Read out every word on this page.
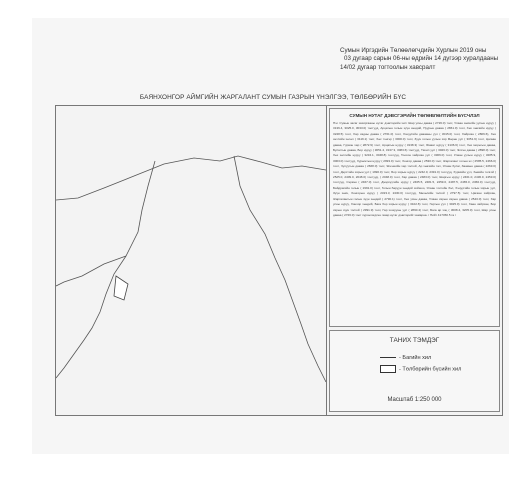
Сумын Иргэдийн Төлөөлөгчдийн Хурлын 2019 оны
03 дугаар сарын 06-ны өдрийн 14 дүгээр хуралдааны
14/02 дугаар тогтоолын хавсралт
БАЯНХОНГОР АЙМГИЙН ЖАРГАЛАНТ СУМЫН ГАЗРЫН ҮНЭЛГЭЭ, ТӨЛБӨРИЙН БҮС
СУМЫН НУТАГ ДЭВСГЭРИЙН ТӨЛӨВЛӨЛТИЙН БҮСЧЛЭЛ
Нэг. Сумын засаг захиргааны нутаг дэвсгэрийн хил: Шар усны даваа ( 2726.0) тоот, Улаан хөвчийн уулын нуруу ( 3136.4, 3025.0, 3033.0) тоотууд, Арцатын голын зүүн хөндий, Нуурын даваа ( 2861.0) тоот, Хөх хөвчийн нуруу ( 3248.5) тоот, Хар хадны даваа ( 2761.0) тоот, Хэцүүгийн давааны уул ( 3015.0) тоот, Хайрхан ( 2806.6), Хөх хөтлийн хөтөл ( 3119.1) тоот, Хөх тэнгэр ( 3000.0) тоот, Зуун голын уулын хяр Мөрөн уул ( 3051.9) тоот, Цагаан даваа, Гүрвэн хар ( 2872.9) тоот, Арцатын нуруу ( 3138.3) тоот, Ямаат нуруу ( 3136.6) тоот, Хөх морьтын даваа, Булагтын даваа, Бор нуруу ( 3051.4, 3137.3, 3083.6) тоотууд, Тахил уул ( 3026.0) тоот, Элсэн даваа ( 2898.0) тоот, Хөх хөтлийн нуруу ( 3234.1, 3048.8) тоотууд, Тоосон хайрхан уул ( 3306.0) тоот, Улаан уулын нуруу ( 3285.9, 3003.0) тоотууд, Хурымтын нуруу ( 2993.0) тоот, Хонгор даваа ( 2530.0) тоот, Жаргалант голын эх ( 2585.5, 2466.0) тоот, Чулуутын даваа ( 2668.0) тоот, Эгнэшийн хар толгой, Ар хөвчийн тал, Улаан булаг, Заамын даваа ( 2263.0) тоот, Дэрстэйн хярын уул ( 1990.0) тоот, Бор хярын нуруу ( 2242.0, 2391.0) тоотууд, Хурмийн уул, Хөвийн толгой ( 2525.0, 2409.0, 2048.0) тоотууд, ( 2048.0) тоот, Хар даваа ( 2483.0) тоот, Шаргын нуруу ( 2461.0, 2436.0, 2453.0) тоотууд, Сэрвэн ( 2467.0) тоот, Дээрхүүгийн нуруу ( 2465.5, 2481.5, 2459.0, 2487.5, 2465.0, 2366.0) тоотууд, Байдрагийн голын ( 1991.0) тоот, Голын баруун хөндий хойшоо, Улаан толгойн бэл, Хэцүүгийн голын хярын уул, Зүүн хөвч, Хонгорын нуруу ( 2323.3, 2430.0) тоотууд, Мөхөлийн толгой ( 2797.5) тоот, Цагаан хайрхан, Жаргалантын голын зүүн хөндий ( 2790.1) тоот, Хөх усны даваа, Улаан хярын хярын даваа ( 2543.0) тоот, Хар усны нуруу, Хонхор хөндий, Бага бор хярын нуруу ( 3102.8) тоот, Гартын уул ( 3025.0) тоот, Хаан хайрхан, Бор хярын зүүн толгой ( 2991.9) тоот, Гар хошууны уул ( 2890.4) тоот, Бага ар хэц ( 3008.4, 3205.0) тоот, Шар усны даваа ( 2726.0) тоот хүрээлэгдсэн газар нутаг дэвсгэрийг хамарна. / Нийт 417450.5 га /
ТАНИХ ТЭМДЭГ
- Багийн хил
- Төлбөрийн бүсийн хил
Масштаб 1:250 000
